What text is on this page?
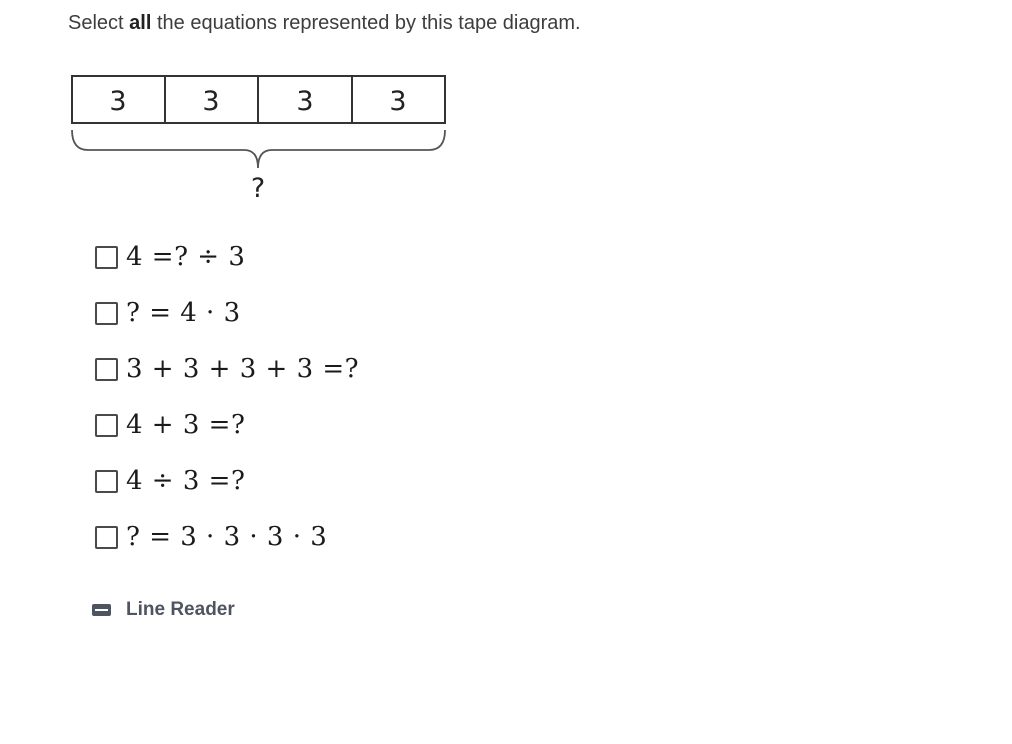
Select all the equations represented by this tape diagram.
3	3	3	3
?
4 =? ÷ 3
? = 4 · 3
3 + 3 + 3 + 3 =?
4 + 3 =?
4 ÷ 3 =?
? = 3 · 3 · 3 · 3
Line Reader
